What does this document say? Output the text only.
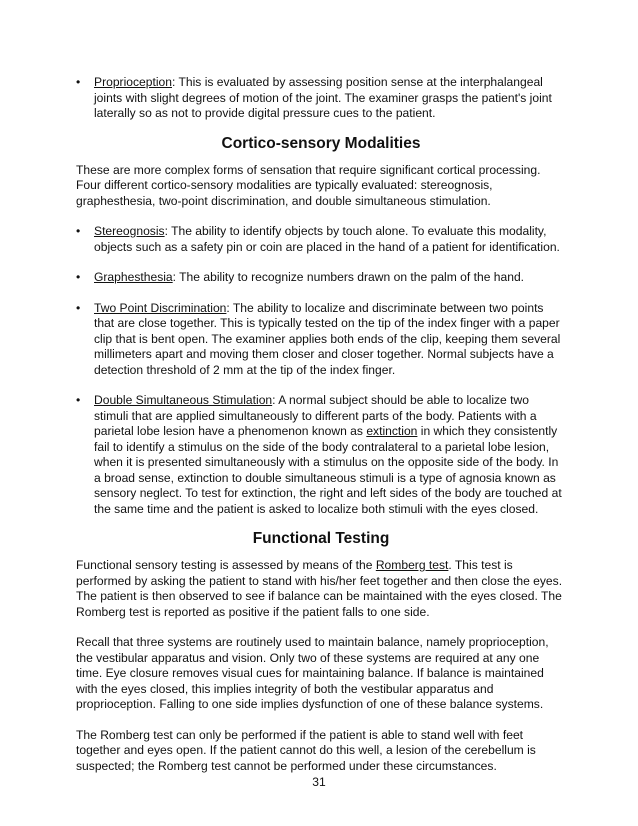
• Proprioception: This is evaluated by assessing position sense at the interphalangeal joints with slight degrees of motion of the joint. The examiner grasps the patient's joint laterally so as not to provide digital pressure cues to the patient.
Cortico-sensory Modalities

These are more complex forms of sensation that require significant cortical processing. Four different cortico-sensory modalities are typically evaluated: stereognosis, graphesthesia, two-point discrimination, and double simultaneous stimulation.

• Stereognosis: The ability to identify objects by touch alone. To evaluate this modality, objects such as a safety pin or coin are placed in the hand of a patient for identification.
• Graphesthesia: The ability to recognize numbers drawn on the palm of the hand.
• Two Point Discrimination: The ability to localize and discriminate between two points that are close together. This is typically tested on the tip of the index finger with a paper clip that is bent open. The examiner applies both ends of the clip, keeping them several millimeters apart and moving them closer and closer together. Normal subjects have a detection threshold of 2 mm at the tip of the index finger.
• Double Simultaneous Stimulation: A normal subject should be able to localize two stimuli that are applied simultaneously to different parts of the body. Patients with a parietal lobe lesion have a phenomenon known as extinction in which they consistently fail to identify a stimulus on the side of the body contralateral to a parietal lobe lesion, when it is presented simultaneously with a stimulus on the opposite side of the body. In a broad sense, extinction to double simultaneous stimuli is a type of agnosia known as sensory neglect. To test for extinction, the right and left sides of the body are touched at the same time and the patient is asked to localize both stimuli with the eyes closed.
Functional Testing

Functional sensory testing is assessed by means of the Romberg test. This test is performed by asking the patient to stand with his/her feet together and then close the eyes. The patient is then observed to see if balance can be maintained with the eyes closed. The Romberg test is reported as positive if the patient falls to one side.

Recall that three systems are routinely used to maintain balance, namely proprioception, the vestibular apparatus and vision. Only two of these systems are required at any one time. Eye closure removes visual cues for maintaining balance. If balance is maintained with the eyes closed, this implies integrity of both the vestibular apparatus and proprioception. Falling to one side implies dysfunction of one of these balance systems.

The Romberg test can only be performed if the patient is able to stand well with feet together and eyes open. If the patient cannot do this well, a lesion of the cerebellum is suspected; the Romberg test cannot be performed under these circumstances.

31
